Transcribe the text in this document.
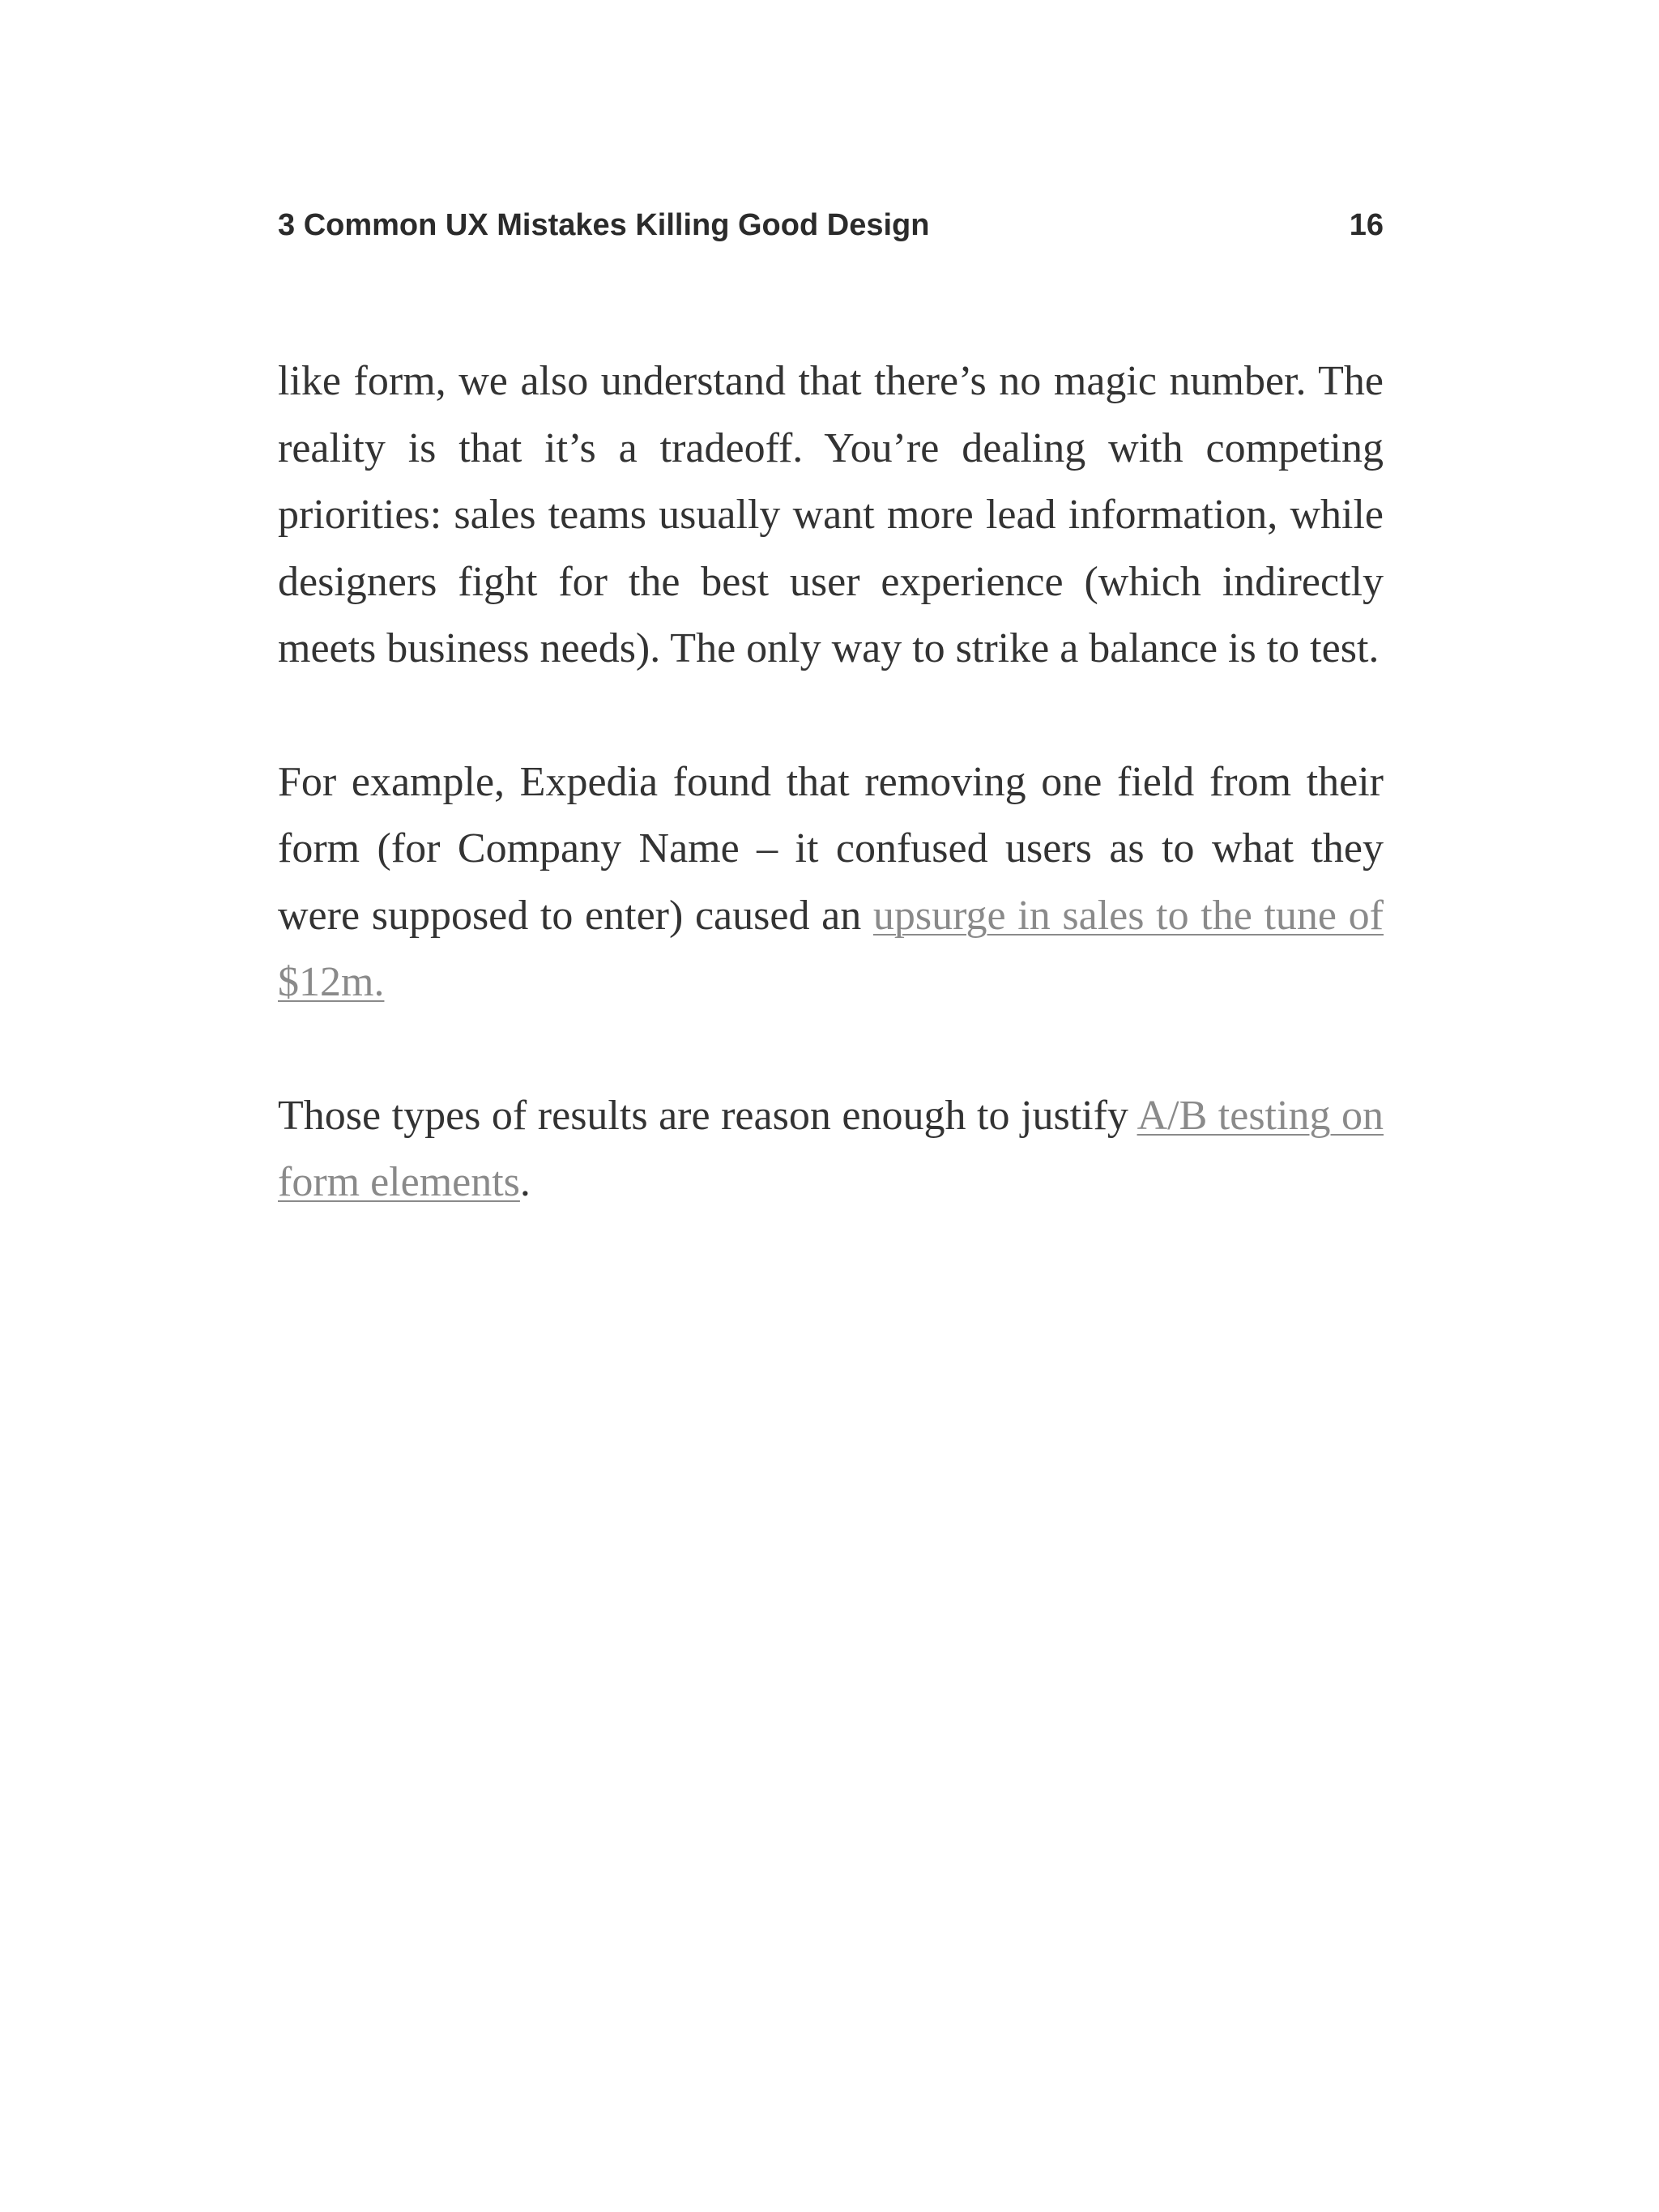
3 Common UX Mistakes Killing Good Design	16

like form, we also understand that there’s no magic number. The reality is that it’s a tradeoff. You’re dealing with competing priorities: sales teams usually want more lead information, while designers fight for the best user experience (which indirectly meets business needs). The only way to strike a balance is to test.

For example, Expedia found that removing one field from their form (for Company Name – it confused users as to what they were supposed to enter) caused an upsurge in sales to the tune of $12m.

Those types of results are reason enough to justify A/B testing on form elements.
